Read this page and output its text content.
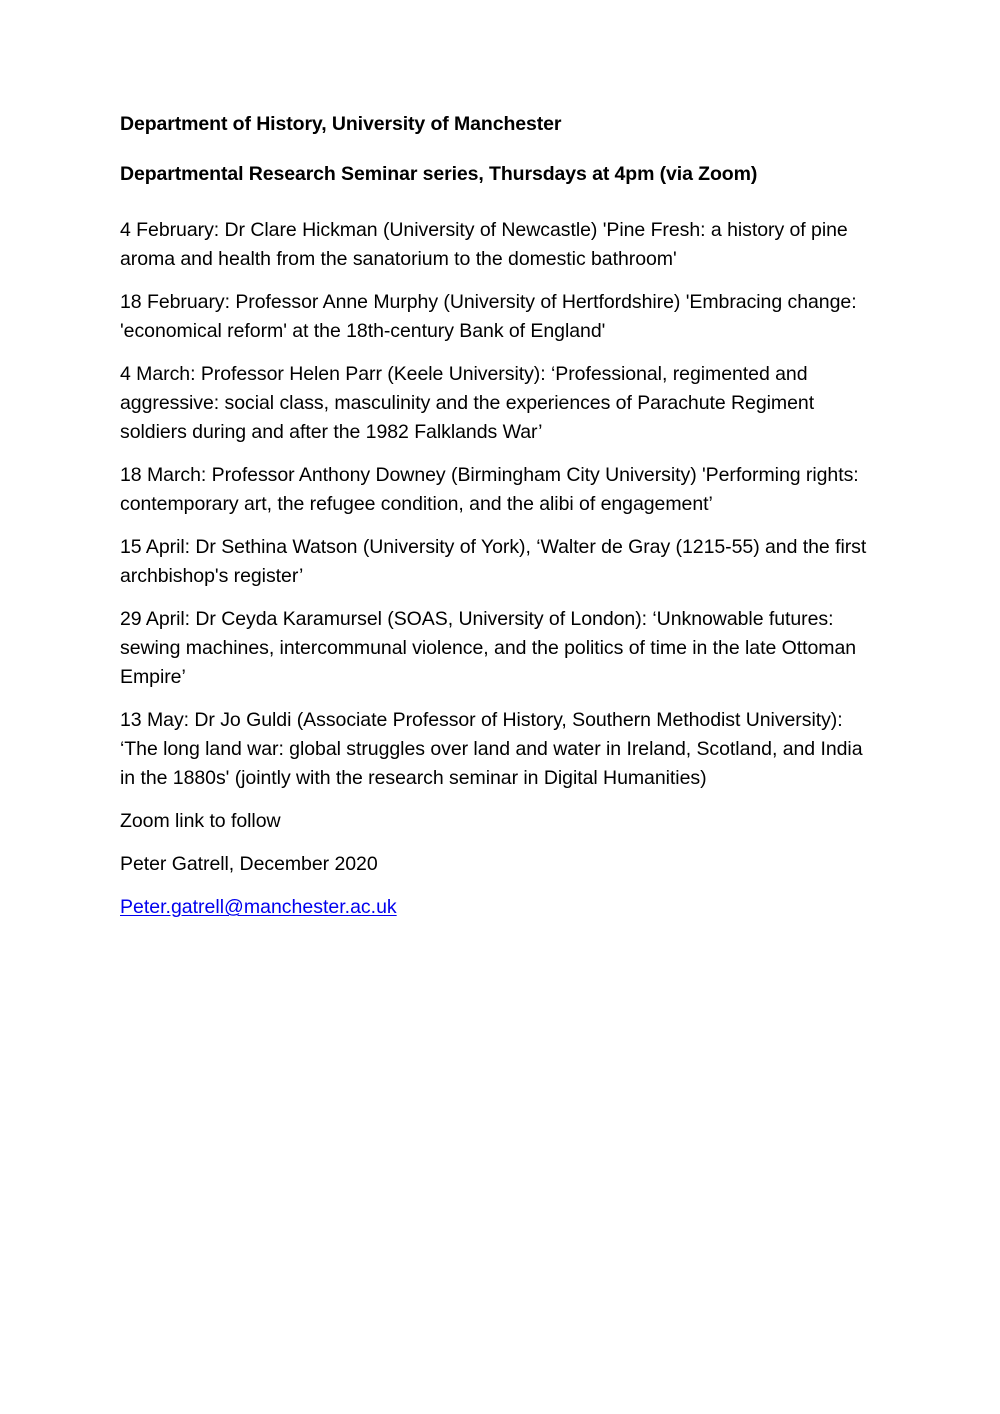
Department of History, University of Manchester

Departmental Research Seminar series, Thursdays at 4pm (via Zoom)

4 February: Dr Clare Hickman (University of Newcastle) 'Pine Fresh: a history of pine aroma and health from the sanatorium to the domestic bathroom'

18 February: Professor Anne Murphy (University of Hertfordshire) 'Embracing change: 'economical reform' at the 18th-century Bank of England'

4 March: Professor Helen Parr (Keele University): ‘Professional, regimented and aggressive: social class, masculinity and the experiences of Parachute Regiment soldiers during and after the 1982 Falklands War’

18 March: Professor Anthony Downey (Birmingham City University) 'Performing rights: contemporary art, the refugee condition, and the alibi of engagement’

15 April: Dr Sethina Watson (University of York), ‘Walter de Gray (1215-55) and the first archbishop's register’

29 April: Dr Ceyda Karamursel (SOAS, University of London): ‘Unknowable futures: sewing machines, intercommunal violence, and the politics of time in the late Ottoman Empire’

13 May: Dr Jo Guldi (Associate Professor of History, Southern Methodist University): ‘The long land war: global struggles over land and water in Ireland, Scotland, and India in the 1880s' (jointly with the research seminar in Digital Humanities)

Zoom link to follow

Peter Gatrell, December 2020

Peter.gatrell@manchester.ac.uk
